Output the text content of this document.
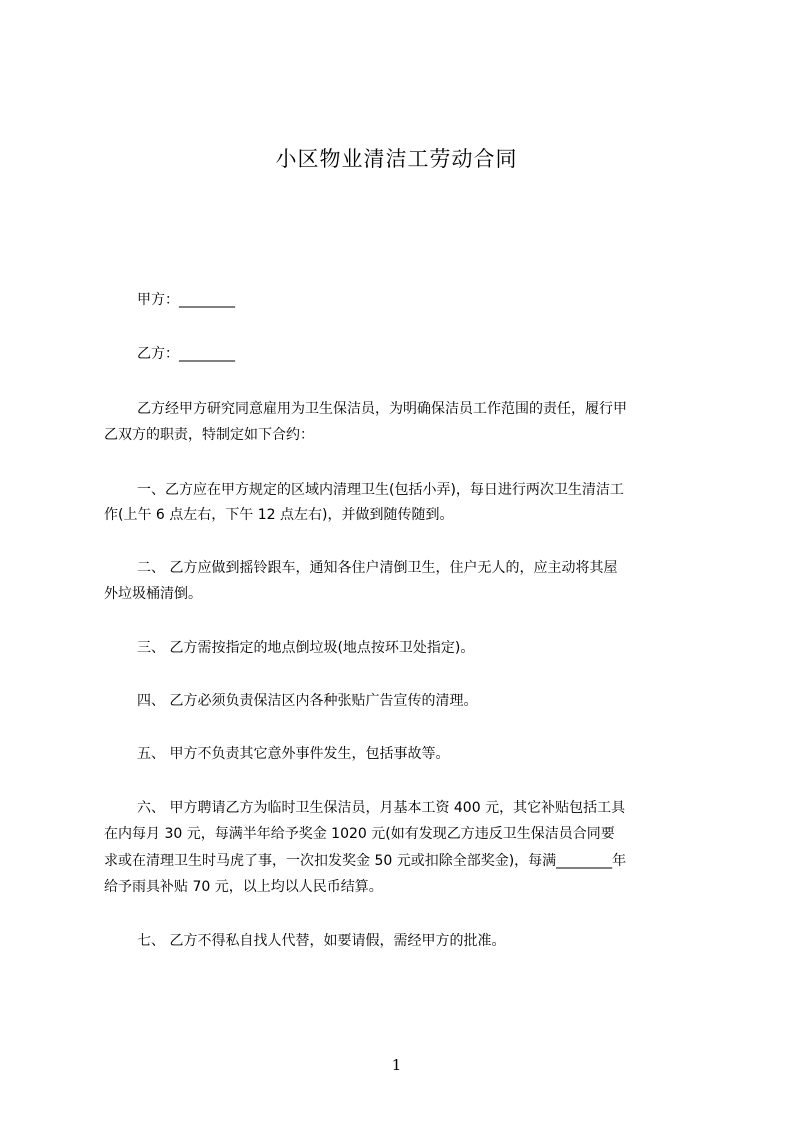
小区物业清洁工劳动合同
甲方：________
乙方：________
乙方经甲方研究同意雇用为卫生保洁员，为明确保洁员工作范围的责任，履行甲
乙双方的职责，特制定如下合约：
一、乙方应在甲方规定的区域内清理卫生(包括小弄)，每日进行两次卫生清洁工
作(上午 6 点左右，下午 12 点左右)，并做到随传随到。
二、 乙方应做到摇铃跟车，通知各住户清倒卫生，住户无人的，应主动将其屋
外垃圾桶清倒。
三、 乙方需按指定的地点倒垃圾(地点按环卫处指定)。
四、 乙方必须负责保洁区内各种张贴广告宣传的清理。
五、 甲方不负责其它意外事件发生，包括事故等。
六、 甲方聘请乙方为临时卫生保洁员，月基本工资 400 元，其它补贴包括工具
在内每月 30 元，每满半年给予奖金 1020 元(如有发现乙方违反卫生保洁员合同要
求或在清理卫生时马虎了事，一次扣发奖金 50 元或扣除全部奖金)，每满________年
给予雨具补贴 70 元，以上均以人民币结算。
七、 乙方不得私自找人代替，如要请假，需经甲方的批准。
1
